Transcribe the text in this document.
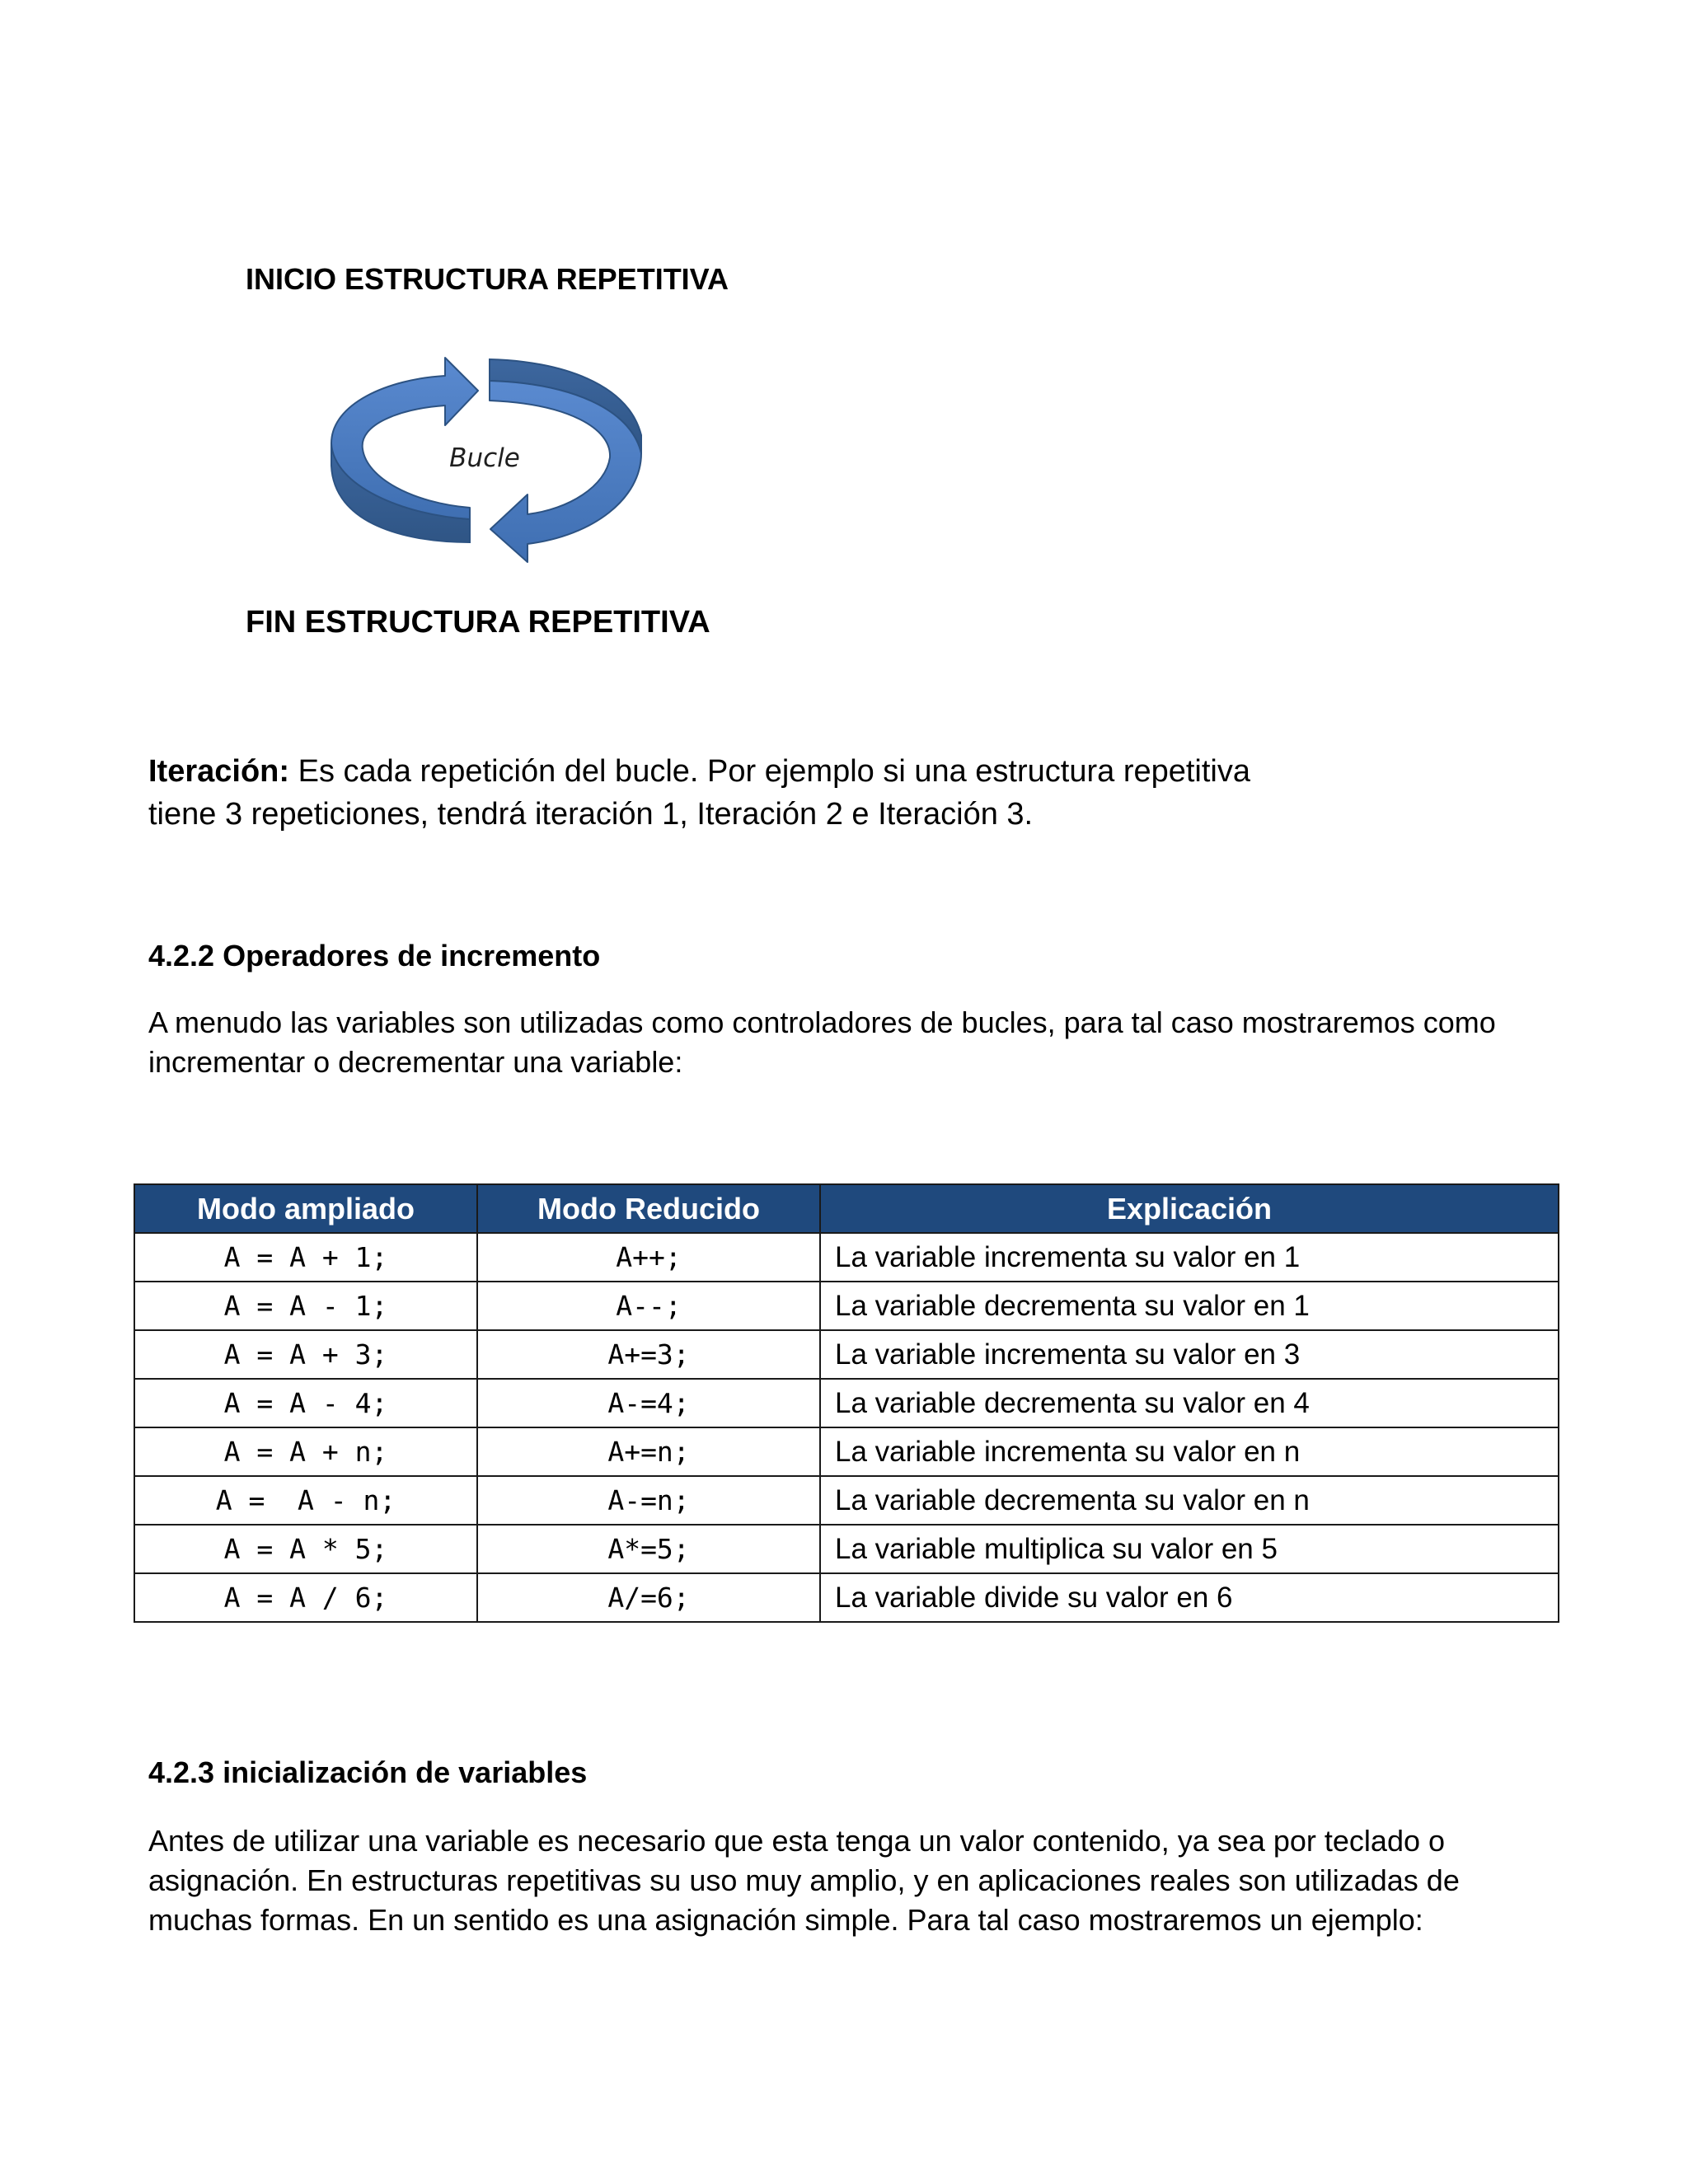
INICIO ESTRUCTURA REPETITIVA
Bucle
FIN ESTRUCTURA REPETITIVA

Iteración: Es cada repetición del bucle. Por ejemplo si una estructura repetitiva

tiene 3 repeticiones, tendrá iteración 1, Iteración 2 e Iteración 3.

4.2.2 Operadores de incremento

A menudo las variables son utilizadas como controladores de bucles, para tal caso mostraremos como

incrementar o decrementar una variable:

Modo ampliado	Modo Reducido	Explicación
A = A + 1;	A++;	La variable incrementa su valor en 1
A = A - 1;	A--;	La variable decrementa su valor en 1
A = A + 3;	A+=3;	La variable incrementa su valor en 3
A = A - 4;	A-=4;	La variable decrementa su valor en 4
A = A + n;	A+=n;	La variable incrementa su valor en n
A =  A - n;	A-=n;	La variable decrementa su valor en n
A = A * 5;	A*=5;	La variable multiplica su valor en 5
A = A / 6;	A/=6;	La variable divide su valor en 6

4.2.3 inicialización de variables

Antes de utilizar una variable es necesario que esta tenga un valor contenido, ya sea por teclado o

asignación. En estructuras repetitivas su uso muy amplio, y en aplicaciones reales son utilizadas de

muchas formas. En un sentido es una asignación simple. Para tal caso mostraremos un ejemplo:
